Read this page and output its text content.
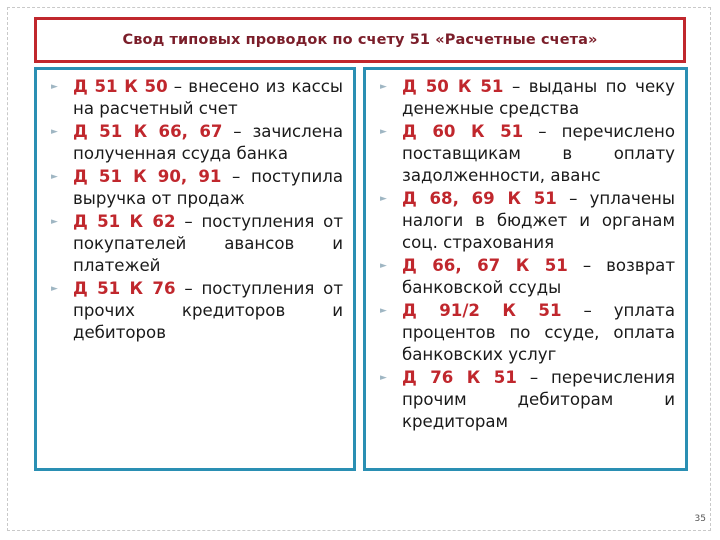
Свод типовых проводок по счету 51 «Расчетные счета»
► Д 51 К 50 – внесено из кассы на расчетный счет
► Д 51 К 66, 67 – зачислена полученная ссуда банка
► Д 51 К 90, 91 – поступила выручка от продаж
► Д 51 К 62 – поступления от покупателей авансов и платежей
► Д 51 К 76 – поступления от прочих кредиторов и дебиторов
► Д 50 К 51 – выданы по чеку денежные средства
► Д 60 К 51 – перечислено поставщикам в оплату задолженности, аванс
► Д 68, 69 К 51 – уплачены налоги в бюджет и органам соц. страхования
► Д 66, 67 К 51 – возврат банковской ссуды
► Д 91/2 К 51 – уплата процентов по ссуде, оплата банковских услуг
► Д 76 К 51 – перечисления прочим дебиторам и кредиторам
35
